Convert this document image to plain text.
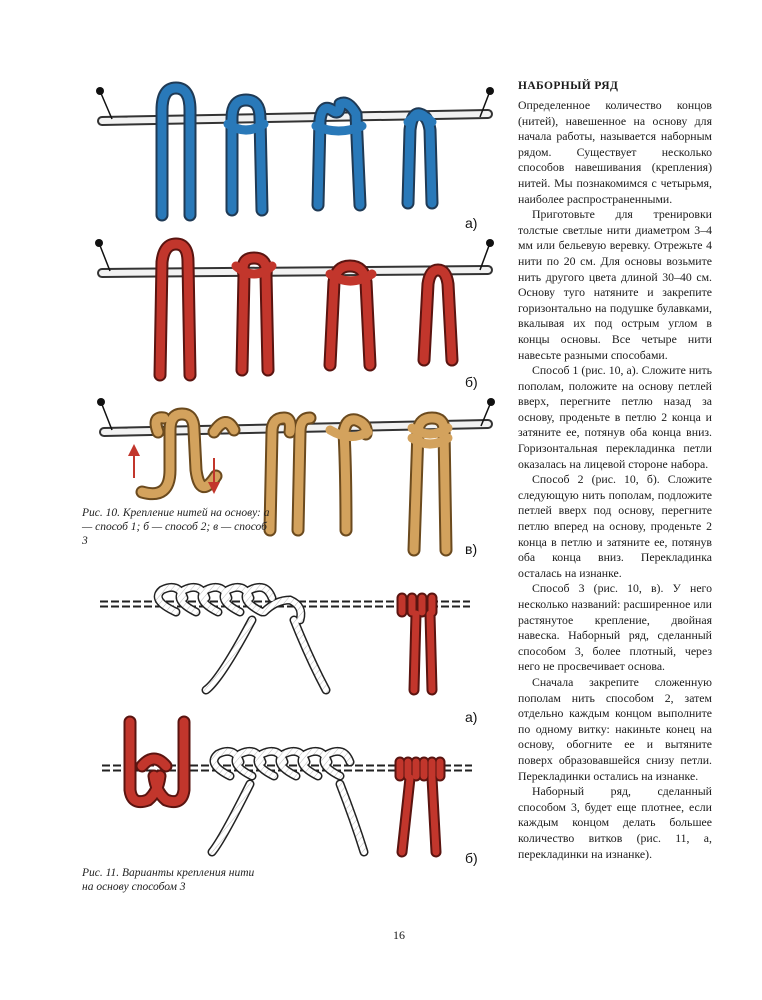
а)
б)
в)
а)
б)
Рис. 10. Крепление нитей на основу: а — способ 1; б — способ 2; в — способ 3
Рис. 11. Варианты крепления нити на основу способом 3
НАБОРНЫЙ РЯД

Определенное количество концов (нитей), навешенное на основу для начала работы, называется наборным рядом. Существует несколько способов навешивания (крепления) нитей. Мы познакомимся с четырьмя, наиболее распространенными.

Приготовьте для тренировки толстые светлые нити диаметром 3–4 мм или бельевую веревку. Отрежьте 4 нити по 20 см. Для основы возьмите нить другого цвета длиной 30–40 см. Основу туго натяните и закрепите горизонтально на подушке булавками, вкалывая их под острым углом в концы основы. Все четыре нити навесьте разными способами.

Способ 1 (рис. 10, а). Сложите нить пополам, положите на основу петлей вверх, перегните петлю назад за основу, проденьте в петлю 2 конца и затяните ее, потянув оба конца вниз. Горизонтальная перекладинка петли оказалась на лицевой стороне набора.

Способ 2 (рис. 10, б). Сложите следующую нить пополам, подложите петлей вверх под основу, перегните петлю вперед на основу, проденьте 2 конца в петлю и затяните ее, потянув оба конца вниз. Перекладинка осталась на изнанке.

Способ 3 (рис. 10, в). У него несколько названий: расширенное или растянутое крепление, двойная навеска. Наборный ряд, сделанный способом 3, более плотный, через него не просвечивает основа.

Сначала закрепите сложенную пополам нить способом 2, затем отдельно каждым концом выполните по одному витку: накиньте конец на основу, обогните ее и вытяните поверх образовавшейся снизу петли. Перекладинки остались на изнанке.

Наборный ряд, сделанный способом 3, будет еще плотнее, если каждым концом делать большее количество витков (рис. 11, а, перекладинки на изнанке).

16
